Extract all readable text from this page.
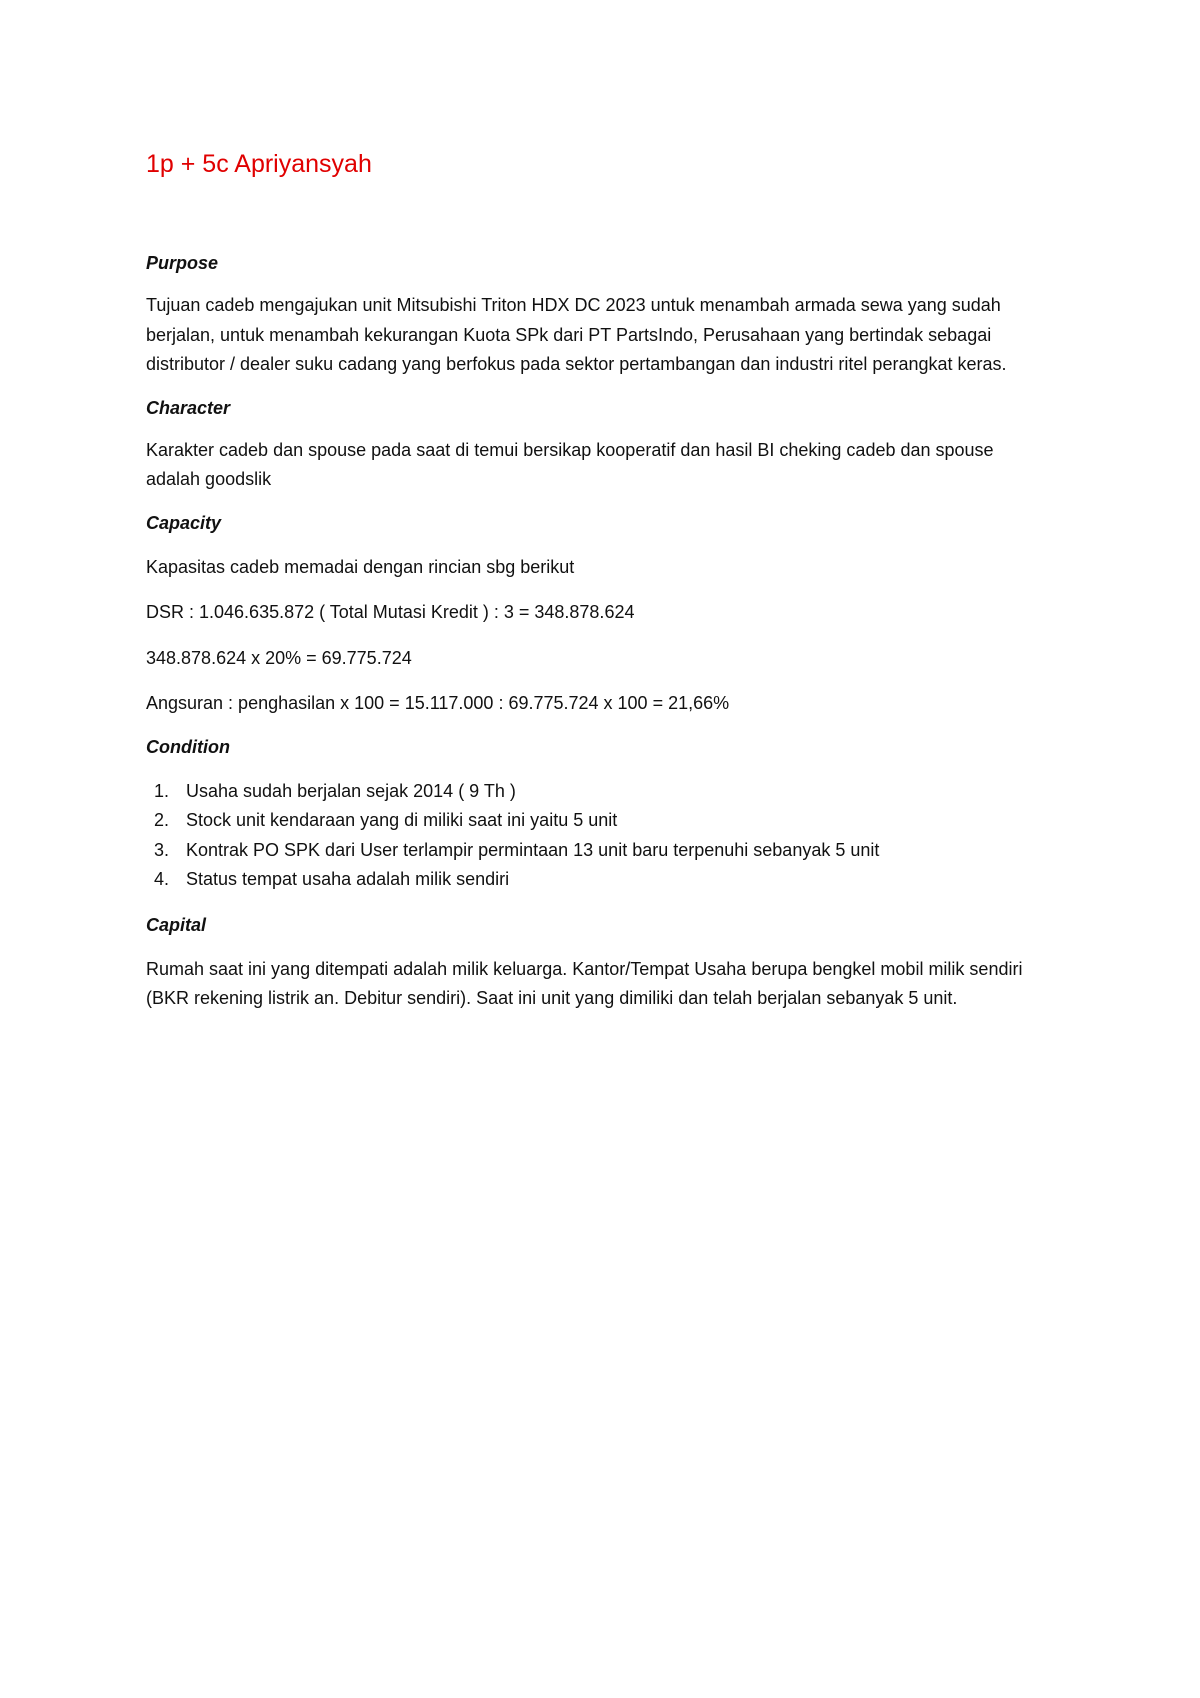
1p + 5c Apriyansyah
Purpose

Tujuan cadeb mengajukan unit Mitsubishi Triton HDX DC 2023 untuk menambah armada sewa yang sudah berjalan, untuk menambah kekurangan Kuota SPk dari PT PartsIndo, Perusahaan yang bertindak sebagai distributor / dealer suku cadang yang berfokus pada sektor pertambangan dan industri ritel perangkat keras.

Character

Karakter cadeb dan spouse pada saat di temui bersikap kooperatif dan hasil BI cheking cadeb dan spouse adalah goodslik

Capacity

Kapasitas cadeb memadai dengan rincian sbg berikut

DSR : 1.046.635.872 ( Total Mutasi Kredit ) : 3 = 348.878.624

348.878.624 x 20% = 69.775.724

Angsuran : penghasilan x 100 = 15.117.000 : 69.775.724 x 100 = 21,66%

Condition
1. Usaha sudah berjalan sejak 2014 ( 9 Th )
2. Stock unit kendaraan yang di miliki saat ini yaitu 5 unit
3. Kontrak PO SPK dari User terlampir permintaan 13 unit baru terpenuhi sebanyak 5 unit
4. Status tempat usaha adalah milik sendiri
Capital

Rumah saat ini yang ditempati adalah milik keluarga. Kantor/Tempat Usaha berupa bengkel mobil milik sendiri (BKR rekening listrik an. Debitur sendiri). Saat ini unit yang dimiliki dan telah berjalan sebanyak 5 unit.
